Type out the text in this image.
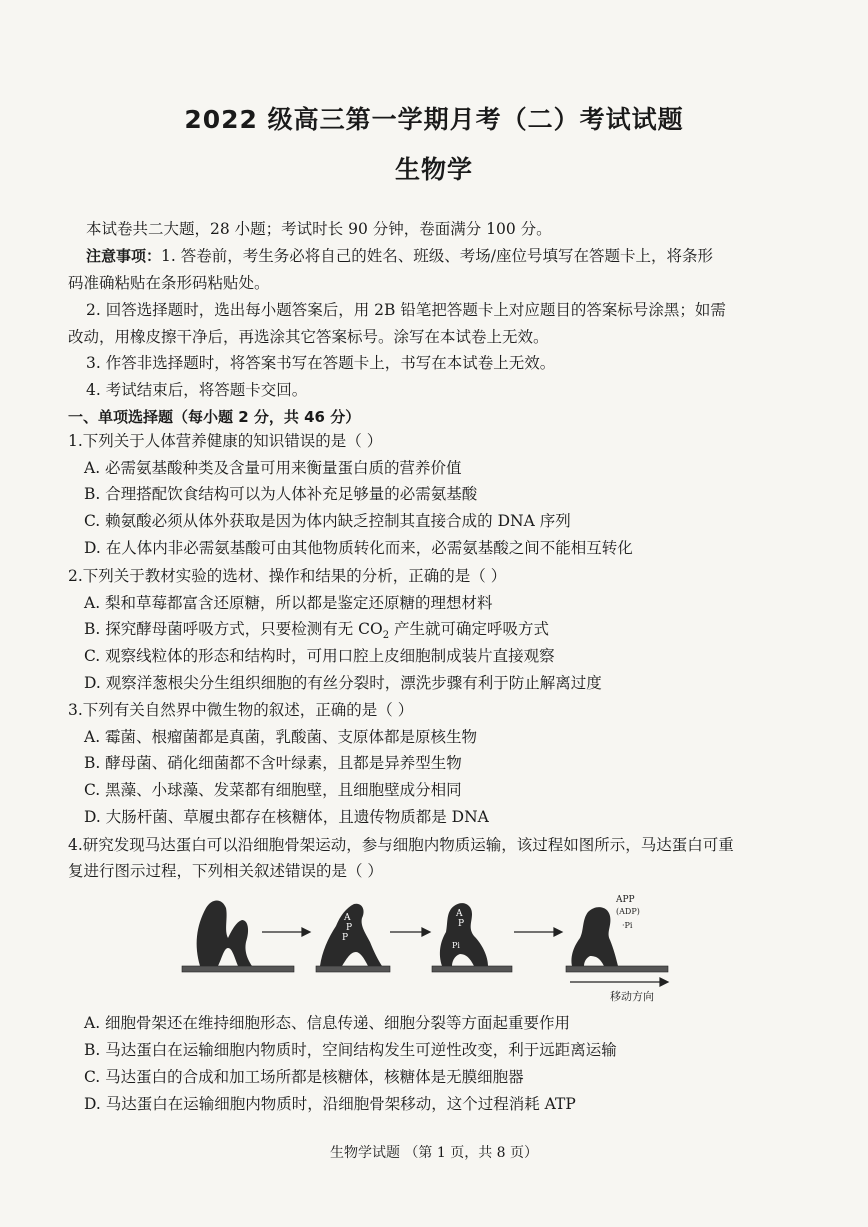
2022 级高三第一学期月考（二）考试试题
生物学
本试卷共二大题，28 小题；考试时长 90 分钟，卷面满分 100 分。
注意事项：1. 答卷前，考生务必将自己的姓名、班级、考场/座位号填写在答题卡上，将条形
码准确粘贴在条形码粘贴处。
2. 回答选择题时，选出每小题答案后，用 2B 铅笔把答题卡上对应题目的答案标号涂黑；如需
改动，用橡皮擦干净后，再选涂其它答案标号。涂写在本试卷上无效。
3. 作答非选择题时，将答案书写在答题卡上，书写在本试卷上无效。
4. 考试结束后，将答题卡交回。
一、单项选择题（每小题 2 分，共 46 分）
1.下列关于人体营养健康的知识错误的是（ ）
A. 必需氨基酸种类及含量可用来衡量蛋白质的营养价值
B. 合理搭配饮食结构可以为人体补充足够量的必需氨基酸
C. 赖氨酸必须从体外获取是因为体内缺乏控制其直接合成的 DNA 序列
D. 在人体内非必需氨基酸可由其他物质转化而来，必需氨基酸之间不能相互转化
2.下列关于教材实验的选材、操作和结果的分析，正确的是（ ）
A. 梨和草莓都富含还原糖，所以都是鉴定还原糖的理想材料
B. 探究酵母菌呼吸方式，只要检测有无 $CO_2$ 产生就可确定呼吸方式
C. 观察线粒体的形态和结构时，可用口腔上皮细胞制成装片直接观察
D. 观察洋葱根尖分生组织细胞的有丝分裂时，漂洗步骤有利于防止解离过度
3.下列有关自然界中微生物的叙述，正确的是（ ）
A. 霉菌、根瘤菌都是真菌，乳酸菌、支原体都是原核生物
B. 酵母菌、硝化细菌都不含叶绿素，且都是异养型生物
C. 黑藻、小球藻、发菜都有细胞壁，且细胞壁成分相同
D. 大肠杆菌、草履虫都存在核糖体，且遗传物质都是 DNA
4.研究发现马达蛋白可以沿细胞骨架运动，参与细胞内物质运输，该过程如图所示，马达蛋白可重
复进行图示过程，下列相关叙述错误的是（ ）
A
P
P
A
P
Pi
APP
(ADP)
·Pi
移动方向
A. 细胞骨架还在维持细胞形态、信息传递、细胞分裂等方面起重要作用
B. 马达蛋白在运输细胞内物质时，空间结构发生可逆性改变，利于远距离运输
C. 马达蛋白的合成和加工场所都是核糖体，核糖体是无膜细胞器
D. 马达蛋白在运输细胞内物质时，沿细胞骨架移动，这个过程消耗 ATP
生物学试题 （第 1 页，共 8 页）
